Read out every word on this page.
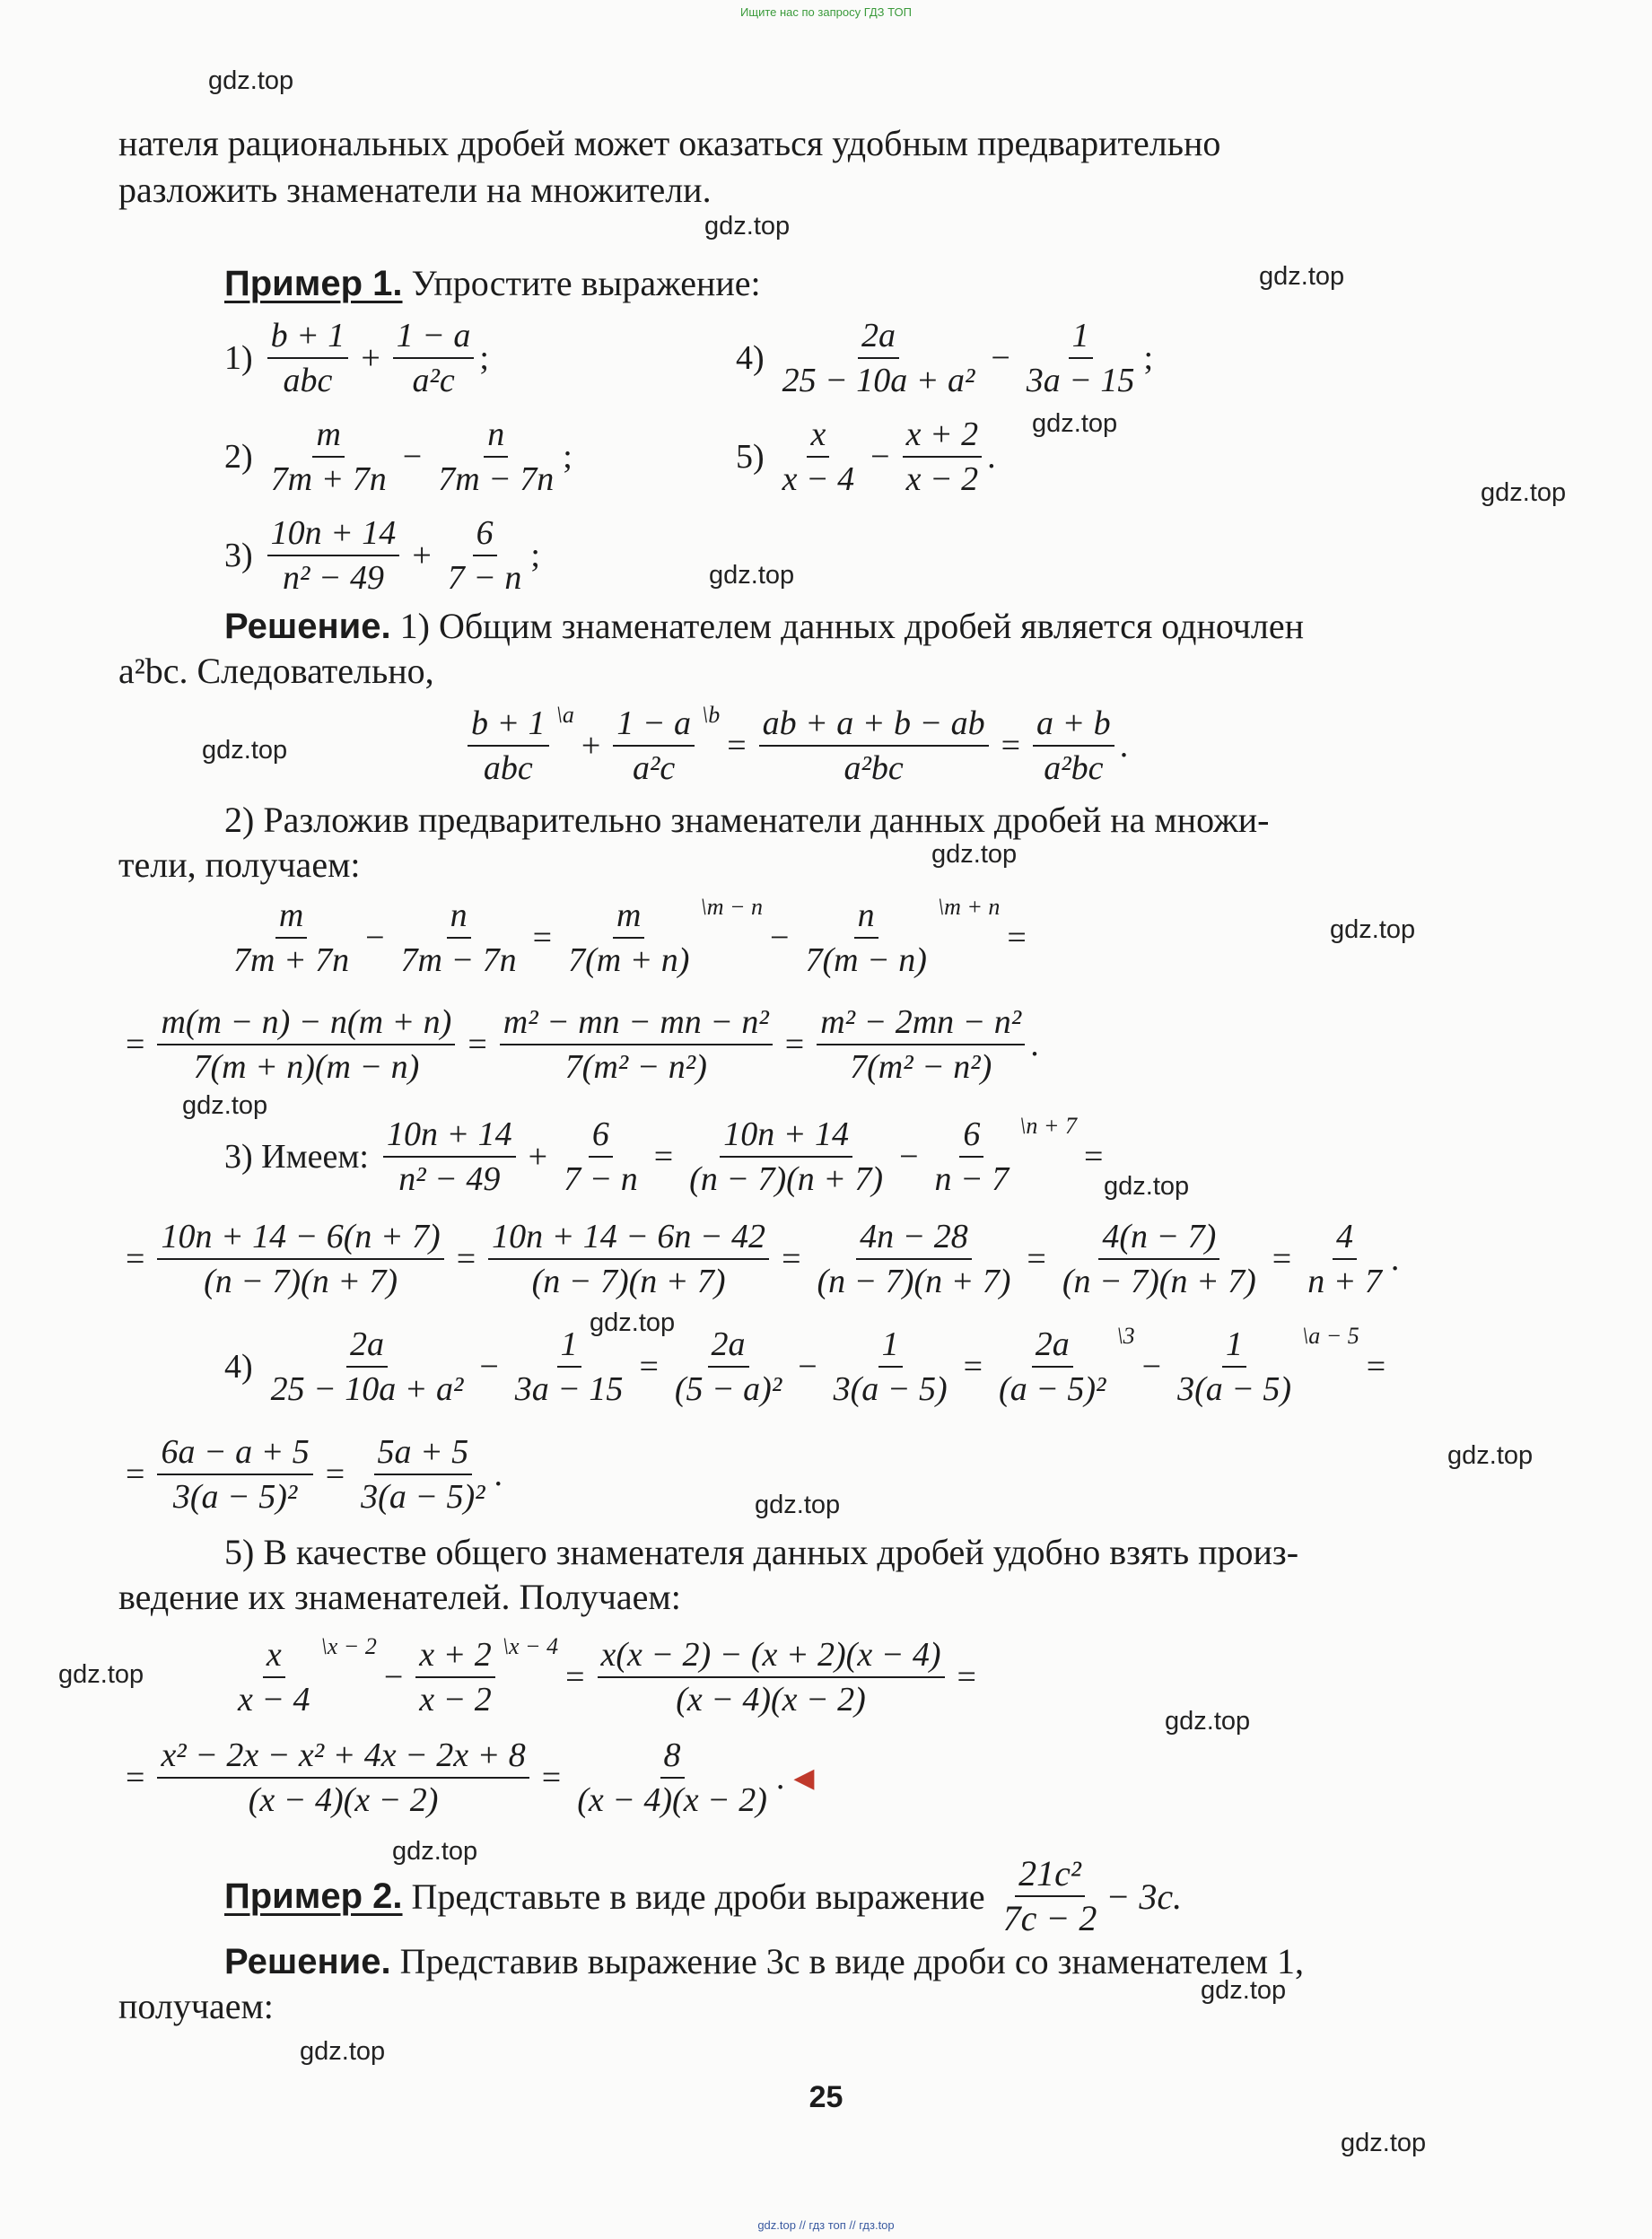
Ищите нас по запросу ГДЗ ТОП
gdz.top
gdz.top
gdz.top
gdz.top
gdz.top
gdz.top
gdz.top
gdz.top
gdz.top
gdz.top
gdz.top
gdz.top
gdz.top
gdz.top
gdz.top
gdz.top
gdz.top
gdz.top
gdz.top
gdz.top
нателя рациональных дробей может оказаться удобным предварительно
разложить знаменатели на множители.
Пример 1. Упростите выражение:
$1) \frac{b + 1}{\text{abc}} + \frac{1 - a}{\text{a²c}}$ ;
$2) \frac{m}{7m + 7n} - \frac{n}{7m - 7n}$ ;
$3) \frac{10n + 14}{\text{n² − 49}} + \frac{6}{7 - n}$ ;
$4) \frac{2a}{\text{25 − 10a + a²}} - \frac{1}{3a - 15}$ ;
$5) \frac{x}{x - 4} - \frac{x + 2}{x - 2}$ .
Решение. 1) Общим знаменателем данных дробей является одночлен
a²bc. Следовательно,
$\frac{b + 1}{\text{abc}}$ \a
+ $\frac{1 - a}{\text{a²c}}$ \b
= $\frac{ab + a + b - ab}{\text{a²bc}} = \frac{a + b}{\text{a²bc}}$ .
2) Разложив предварительно знаменатели данных дробей на множи-
тели, получаем:
$\frac{m}{7m + 7n} - \frac{n}{7m - 7n} = \frac{m}{7(m + n)}$ \m − n
− $\frac{n}{7(m - n)}$ \m + n
=
= $\frac{m(m - n) - n(m + n)}{7(m + n)(m - n)} = \frac{\text{m² − mn − mn − n²}}{\text{7(m² − n²)}} = \frac{\text{m² − 2mn − n²}}{\text{7(m² − n²)}}$ .
3) Имеем: $\frac{10n + 14}{\text{n² − 49}} + \frac{6}{7 - n} = \frac{10n + 14}{(n - 7)(n + 7)} - \frac{6}{n - 7}$ \n + 7
=
= $\frac{10n + 14 - 6(n + 7)}{(n - 7)(n + 7)} = \frac{10n + 14 - 6n - 42}{(n - 7)(n + 7)} = \frac{4n - 28}{(n - 7)(n + 7)} = \frac{4(n - 7)}{(n - 7)(n + 7)} = \frac{4}{n + 7}$ .
$4) \frac{2a}{\text{25 − 10a + a²}} - \frac{1}{3a - 15} = \frac{2a}{\text{(5 − a)²}} - \frac{1}{3(a - 5)} = \frac{2a}{\text{(a − 5)²}}$ \3
− $\frac{1}{3(a - 5)}$ \a − 5
=
= $\frac{6a - a + 5}{\text{3(a − 5)²}} = \frac{5a + 5}{\text{3(a − 5)²}}$ .
5) В качестве общего знаменателя данных дробей удобно взять произ-
ведение их знаменателей. Получаем:
$\frac{x}{x - 4}$ \x − 2
− $\frac{x + 2}{x - 2}$ \x − 4
= $\frac{x(x - 2) - (x + 2)(x - 4)}{(x - 4)(x - 2)}$ =
= $\frac{\text{x² − 2x − x² + 4x − 2x + 8}}{(x - 4)(x - 2)} = \frac{8}{(x - 4)(x - 2)}$ . ◀
Пример 2. Представьте в виде дроби выражение $\frac{\text{21c²}}{7c - 2} - 3c$.
Решение. Представив выражение 3c в виде дроби со знаменателем 1,
получаем:
25
gdz.top // гдз топ // гдз.top
